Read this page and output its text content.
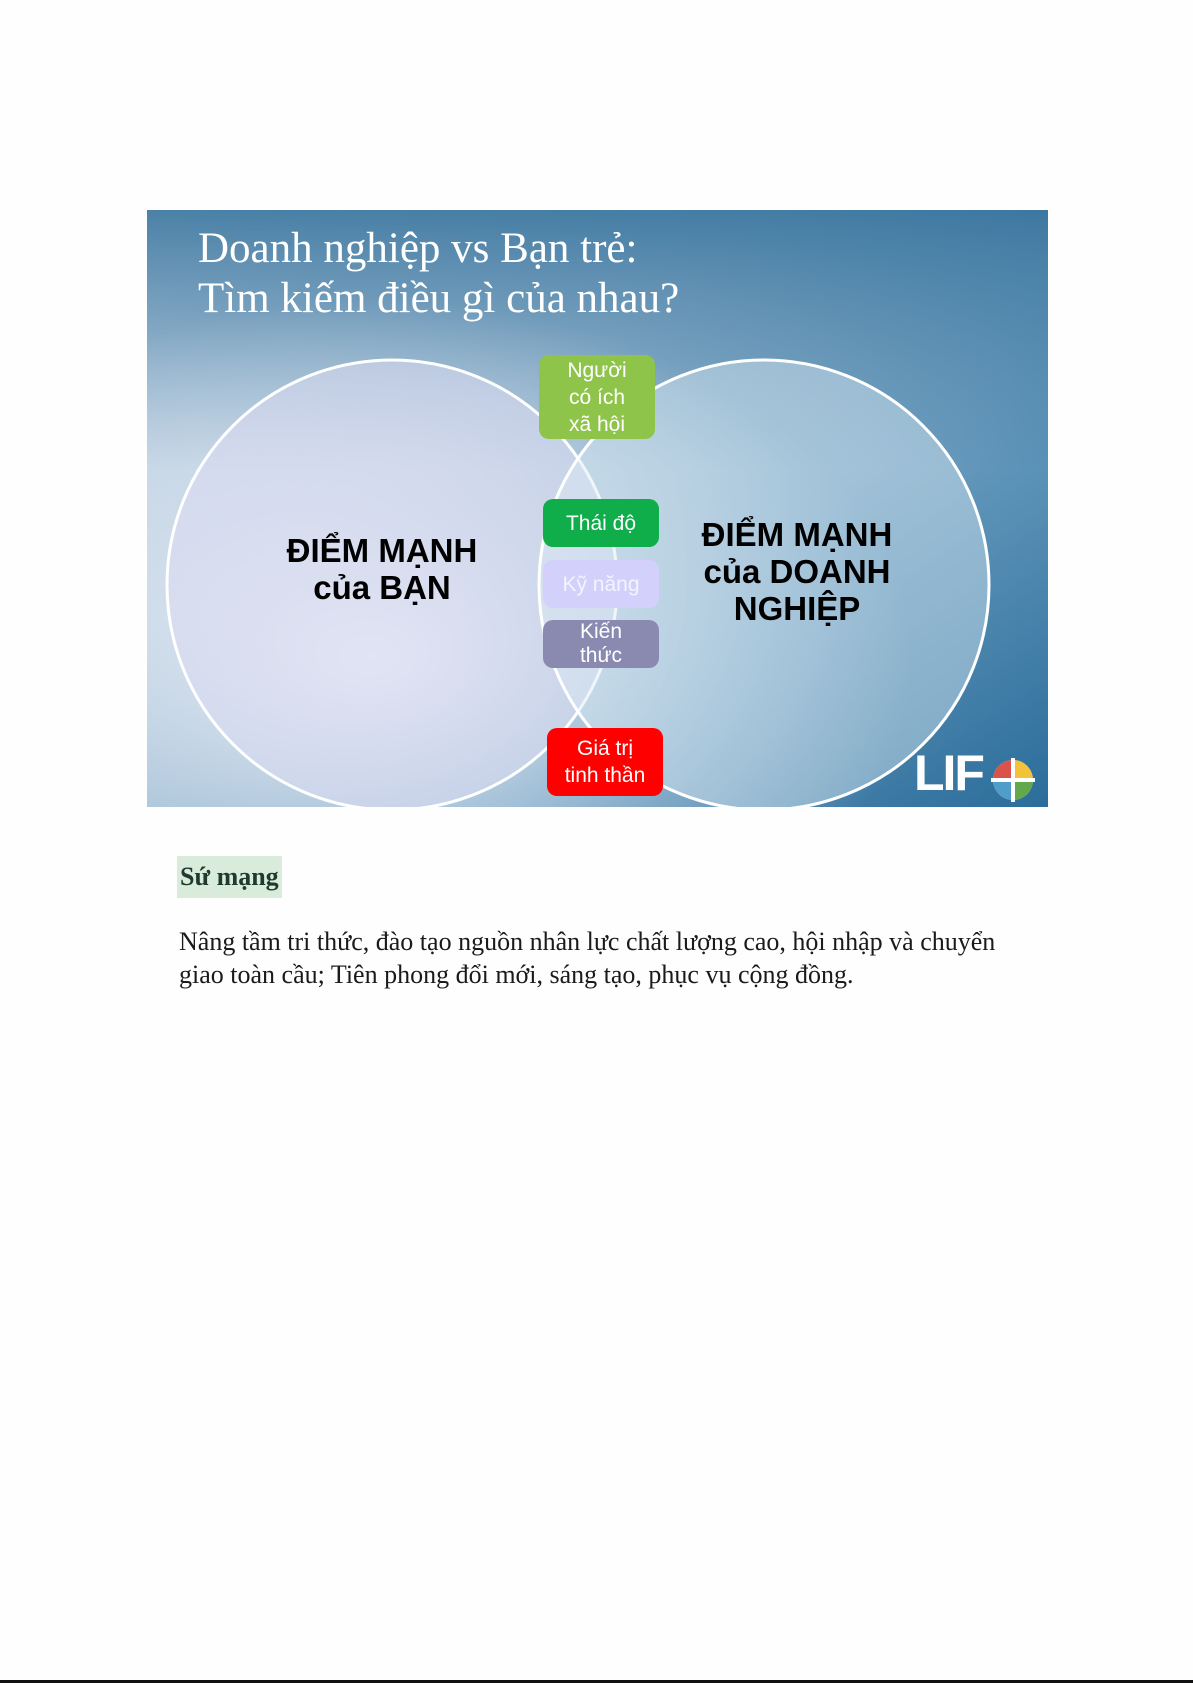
Doanh nghiệp vs Bạn trẻ:
Tìm kiếm điều gì của nhau?
ĐIỂM MẠNH
của BẠN
ĐIỂM MẠNH
của DOANH
NGHIỆP
Người
có ích
xã hội
Thái độ
Kỹ năng
Kiến
thức
Giá trị
tinh thần	LIF
Sứ mạng

Nâng tầm tri thức, đào tạo nguồn nhân lực chất lượng cao, hội nhập và chuyển
giao toàn cầu; Tiên phong đổi mới, sáng tạo, phục vụ cộng đồng.
